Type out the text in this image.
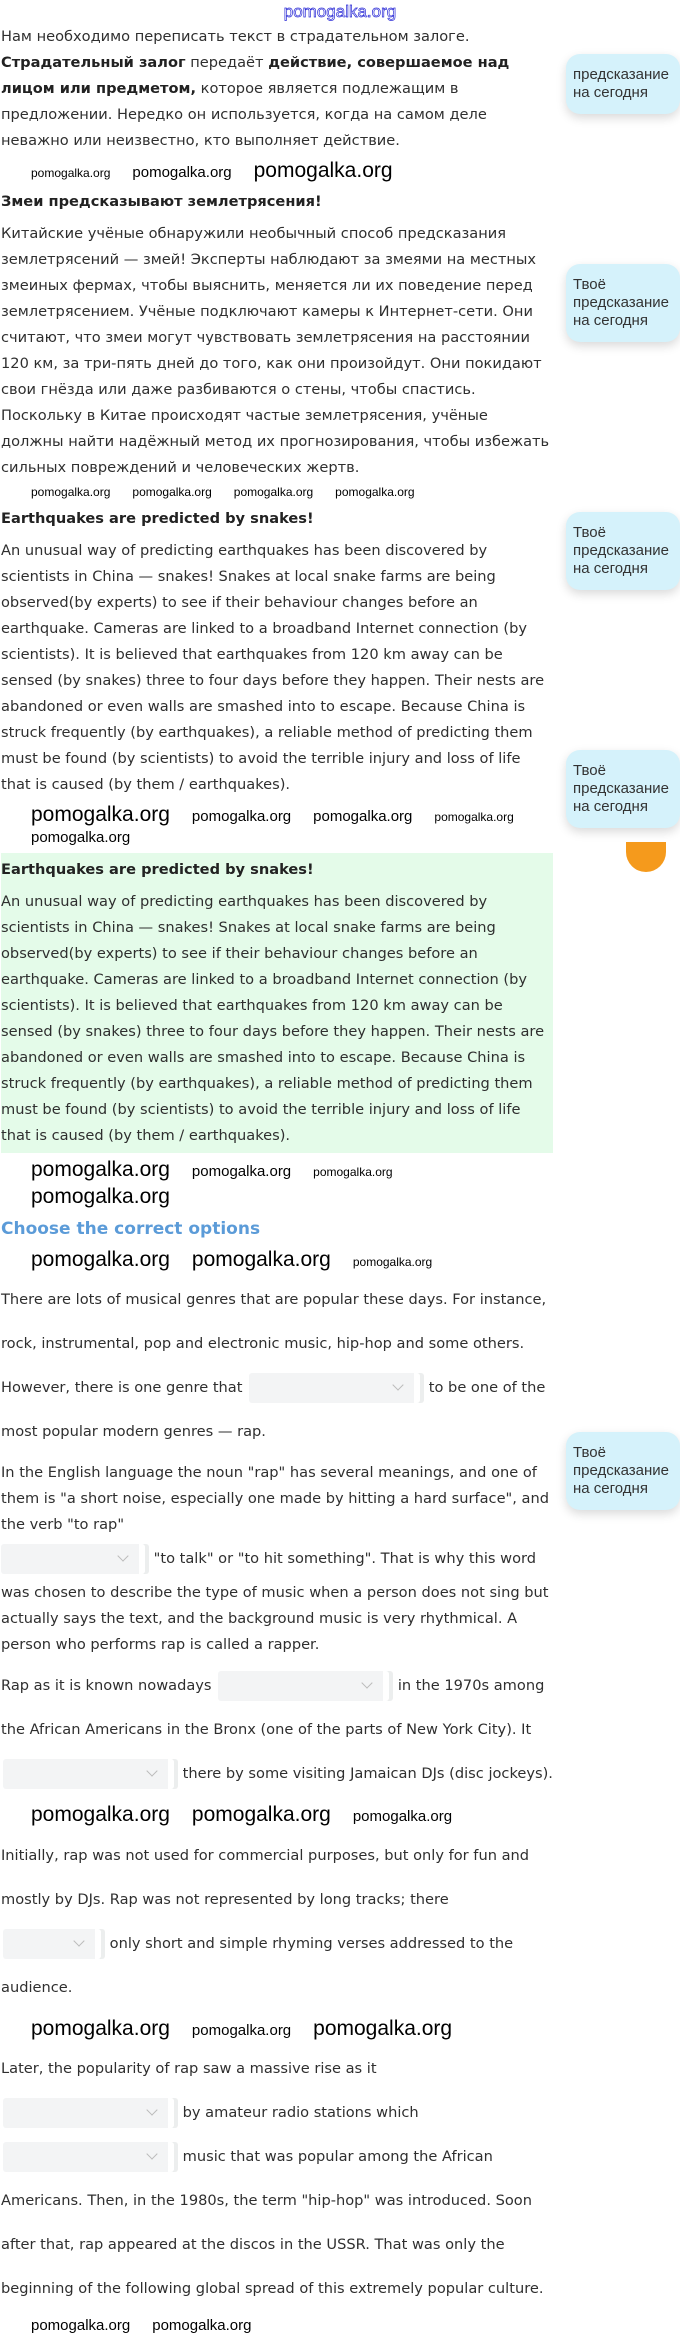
pomogalka.org

Нам необходимо переписать текст в страдательном залоге.

Страдательный залог передаёт действие, совершаемое над лицом или предметом, которое является подлежащим в предложении. Нередко он используется, когда на самом деле неважно или неизвестно, кто выполняет действие.

pomogalka.org pomogalka.org pomogalka.org

Змеи предсказывают землетрясения!

Китайские учёные обнаружили необычный способ предсказания землетрясений — змей! Эксперты наблюдают за змеями на местных змеиных фермах, чтобы выяснить, меняется ли их поведение перед землетрясением. Учёные подключают камеры к Интернет-сети. Они считают, что змеи могут чувствовать землетрясения на расстоянии 120 км, за три-пять дней до того, как они произойдут. Они покидают свои гнёзда или даже разбиваются о стены, чтобы спастись. Поскольку в Китае происходят частые землетрясения, учёные должны найти надёжный метод их прогнозирования, чтобы избежать сильных повреждений и человеческих жертв.

pomogalka.org pomogalka.org pomogalka.org pomogalka.org

Earthquakes are predicted by snakes!

An unusual way of predicting earthquakes has been discovered by scientists in China — snakes! Snakes at local snake farms are being observed(by experts) to see if their behaviour changes before an earthquake. Cameras are linked to a broadband Internet connection (by scientists). It is believed that earthquakes from 120 km away can be sensed (by snakes) three to four days before they happen. Their nests are abandoned or even walls are smashed into to escape. Because China is struck frequently (by earthquakes), a reliable method of predicting them must be found (by scientists) to avoid the terrible injury and loss of life that is caused (by them / earthquakes).

pomogalka.org pomogalka.org pomogalka.org pomogalka.org
pomogalka.org

Earthquakes are predicted by snakes!

An unusual way of predicting earthquakes has been discovered by scientists in China — snakes! Snakes at local snake farms are being observed(by experts) to see if their behaviour changes before an earthquake. Cameras are linked to a broadband Internet connection (by scientists). It is believed that earthquakes from 120 km away can be sensed (by snakes) three to four days before they happen. Their nests are abandoned or even walls are smashed into to escape. Because China is struck frequently (by earthquakes), a reliable method of predicting them must be found (by scientists) to avoid the terrible injury and loss of life that is caused (by them / earthquakes).

pomogalka.org pomogalka.org pomogalka.org
pomogalka.org
Choose the correct options
pomogalka.org pomogalka.org pomogalka.org

There are lots of musical genres that are popular these days. For instance, rock, instrumental, pop and electronic music, hip-hop and some others. However, there is one genre that	to be one of the most popular modern genres — rap.

In the English language the noun "rap" has several meanings, and one of them is "a short noise, especially one made by hitting a hard surface", and the verb "to rap"

"to talk" or "to hit something". That is why this word was chosen to describe the type of music when a person does not sing but actually says the text, and the background music is very rhythmical. A person who performs rap is called a rapper.

Rap as it is known nowadays	in the 1970s among the African Americans in the Bronx (one of the parts of New York City). It
there by some visiting Jamaican DJs (disc jockeys).

pomogalka.org pomogalka.org pomogalka.org

Initially, rap was not used for commercial purposes, but only for fun and mostly by DJs. Rap was not represented by long tracks; there
only short and simple rhyming verses addressed to the audience.

pomogalka.org pomogalka.org pomogalka.org

Later, the popularity of rap saw a massive rise as it
by amateur radio stations which
music that was popular among the African Americans. Then, in the 1980s, the term "hip-hop" was introduced. Soon after that, rap appeared at the discos in the USSR. That was only the beginning of the following global spread of this extremely popular culture.

pomogalka.org pomogalka.org
предсказание
на сегодня
Твоё
предсказание
на сегодня
Твоё
предсказание
на сегодня
Твоё
предсказание
на сегодня
Твоё
предсказание
на сегодня
